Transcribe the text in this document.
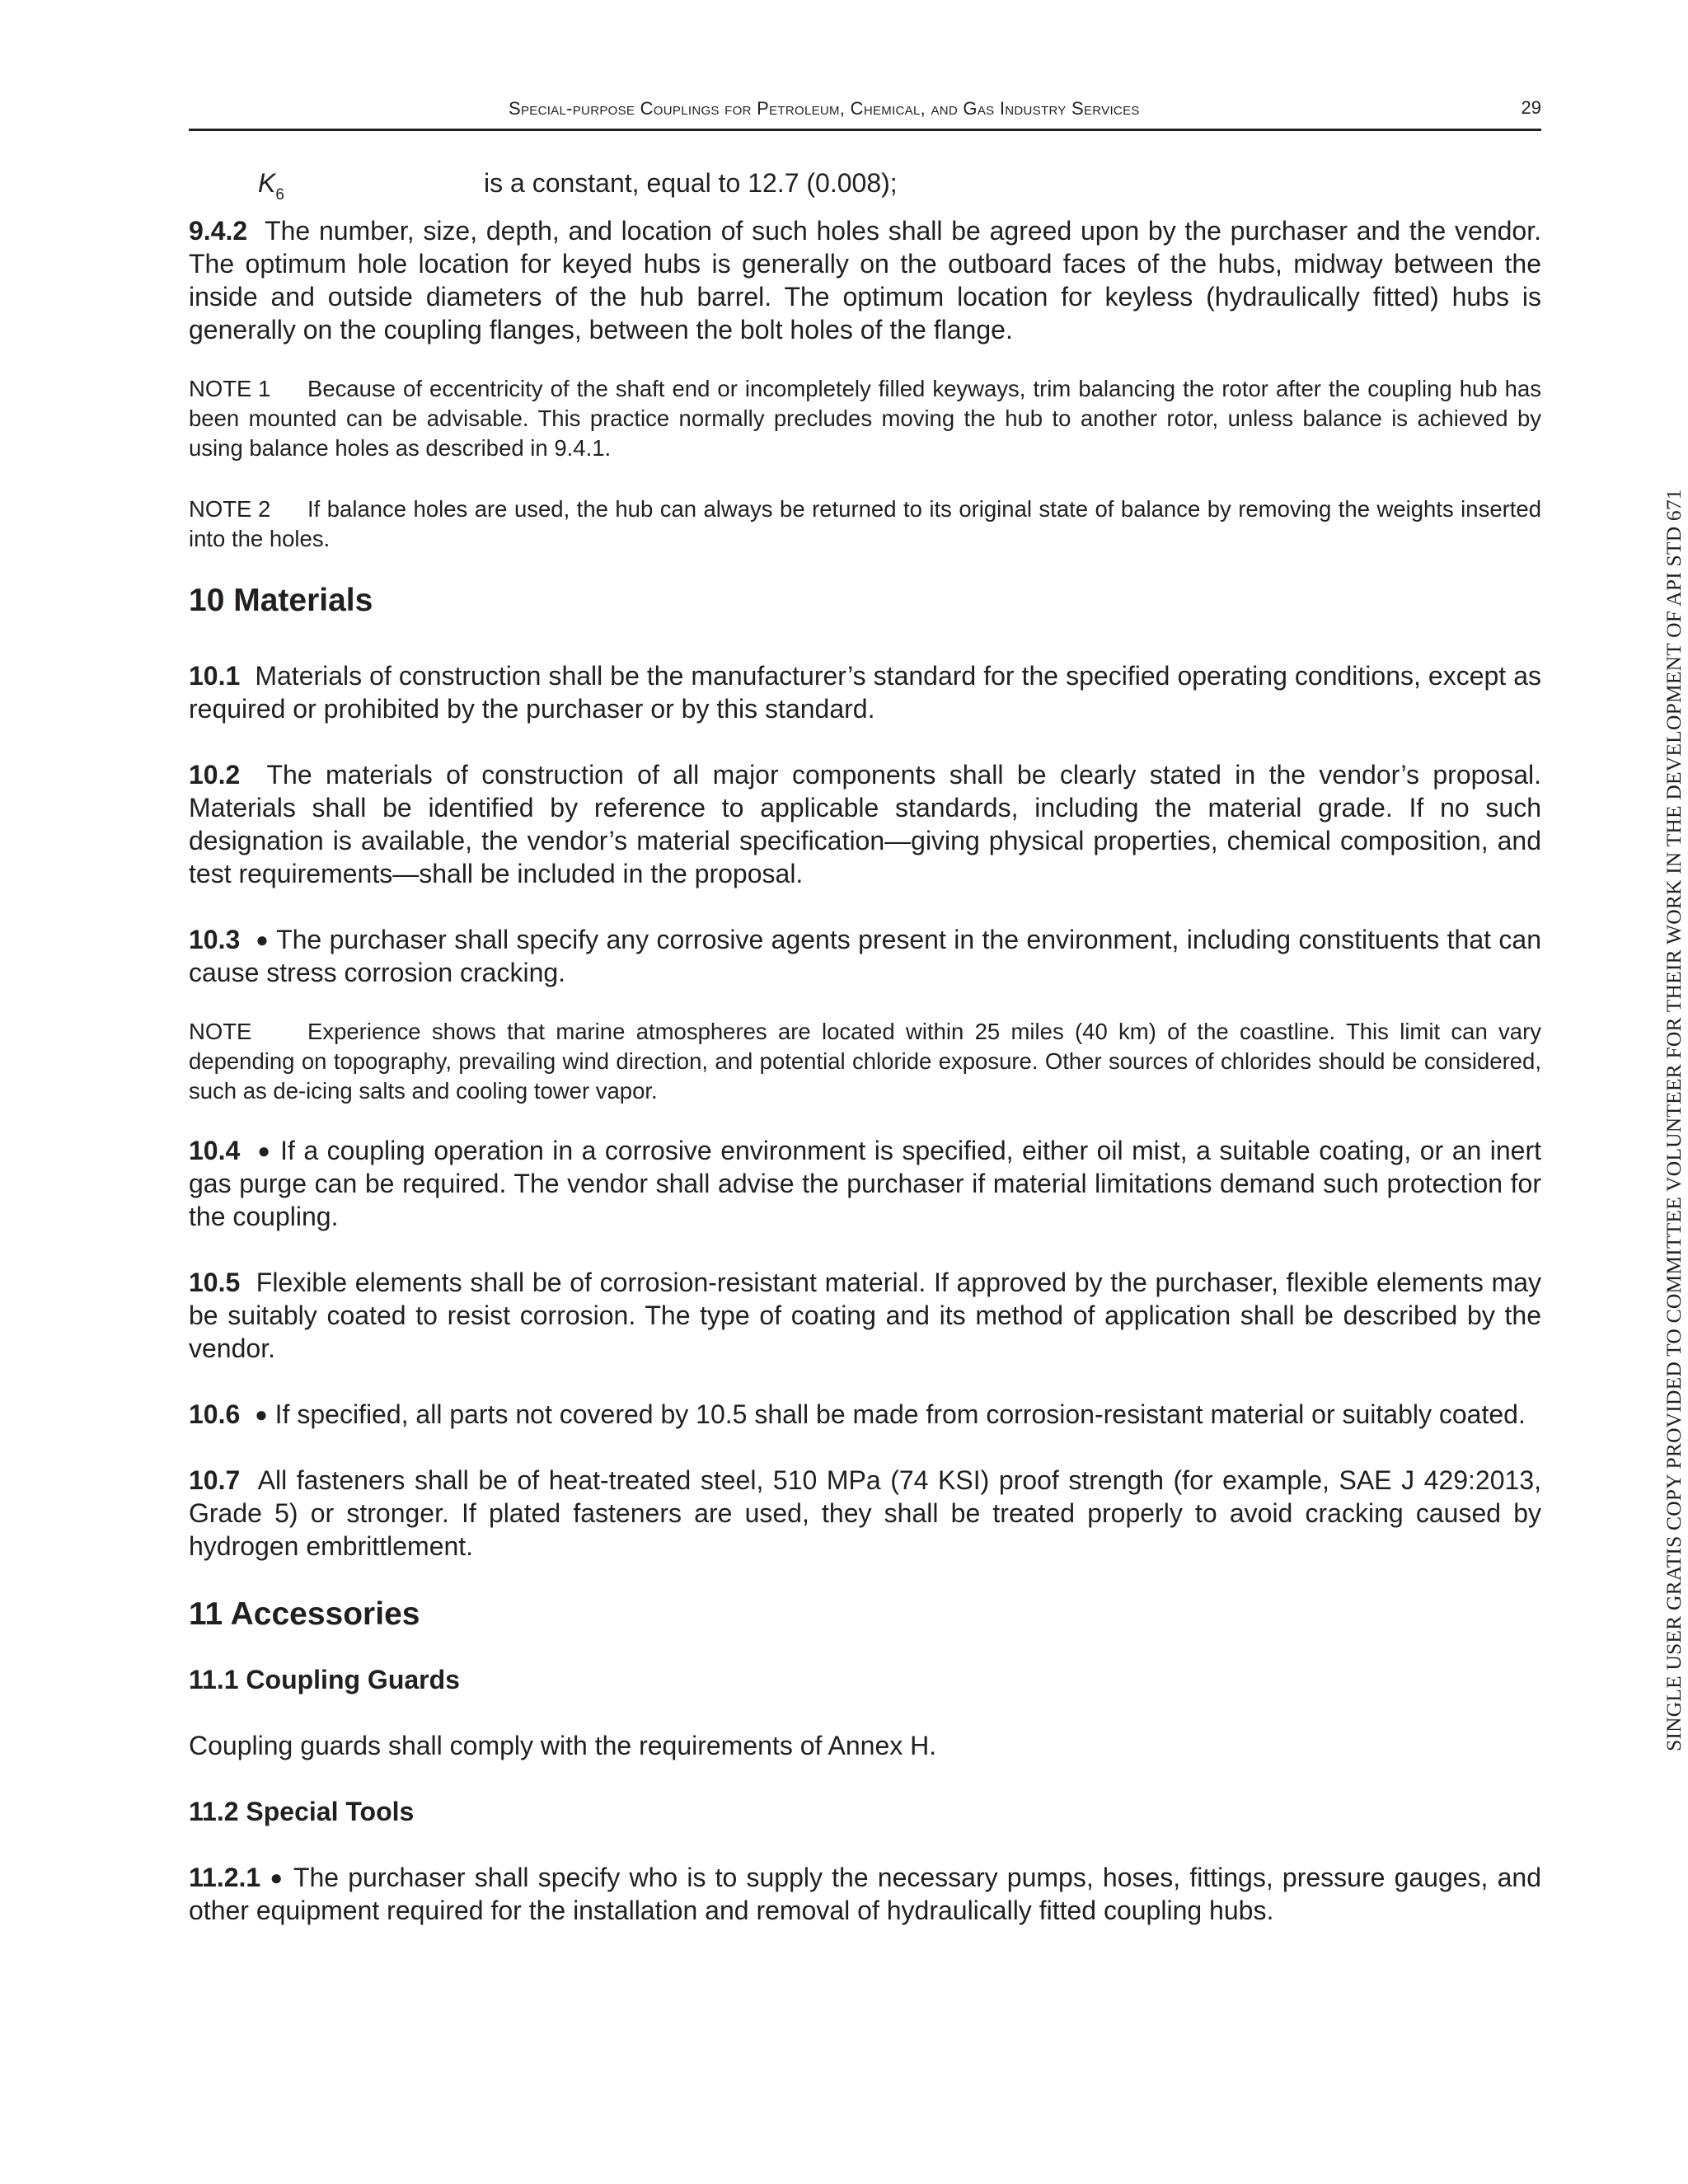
Special-purpose Couplings for Petroleum, Chemical, and Gas Industry Services	29
$K_6$	is a constant, equal to 12.7 (0.008);

9.4.2 The number, size, depth, and location of such holes shall be agreed upon by the purchaser and the vendor. The optimum hole location for keyed hubs is generally on the outboard faces of the hubs, midway between the inside and outside diameters of the hub barrel. The optimum location for keyless (hydraulically fitted) hubs is generally on the coupling flanges, between the bolt holes of the flange.

NOTE 1 Because of eccentricity of the shaft end or incompletely filled keyways, trim balancing the rotor after the coupling hub has been mounted can be advisable. This practice normally precludes moving the hub to another rotor, unless balance is achieved by using balance holes as described in 9.4.1.

NOTE 2 If balance holes are used, the hub can always be returned to its original state of balance by removing the weights inserted into the holes.

10 Materials

10.1 Materials of construction shall be the manufacturer’s standard for the specified operating conditions, except as required or prohibited by the purchaser or by this standard.

10.2 The materials of construction of all major components shall be clearly stated in the vendor’s proposal. Materials shall be identified by reference to applicable standards, including the material grade. If no such designation is available, the vendor’s material specification—giving physical properties, chemical composition, and test requirements—shall be included in the proposal.

10.3 ● The purchaser shall specify any corrosive agents present in the environment, including constituents that can cause stress corrosion cracking.

NOTE Experience shows that marine atmospheres are located within 25 miles (40 km) of the coastline. This limit can vary depending on topography, prevailing wind direction, and potential chloride exposure. Other sources of chlorides should be considered, such as de-icing salts and cooling tower vapor.

10.4 ● If a coupling operation in a corrosive environment is specified, either oil mist, a suitable coating, or an inert gas purge can be required. The vendor shall advise the purchaser if material limitations demand such protection for the coupling.

10.5 Flexible elements shall be of corrosion-resistant material. If approved by the purchaser, flexible elements may be suitably coated to resist corrosion. The type of coating and its method of application shall be described by the vendor.

10.6 ● If specified, all parts not covered by 10.5 shall be made from corrosion-resistant material or suitably coated.

10.7 All fasteners shall be of heat-treated steel, 510 MPa (74 KSI) proof strength (for example, SAE J 429:2013, Grade 5) or stronger. If plated fasteners are used, they shall be treated properly to avoid cracking caused by hydrogen embrittlement.

11 Accessories
11.1 Coupling Guards

Coupling guards shall comply with the requirements of Annex H.

11.2 Special Tools

11.2.1 ● The purchaser shall specify who is to supply the necessary pumps, hoses, fittings, pressure gauges, and other equipment required for the installation and removal of hydraulically fitted coupling hubs.

SINGLE USER GRATIS COPY PROVIDED TO COMMITTEE VOLUNTEER FOR THEIR WORK IN THE DEVELOPMENT OF API STD 671
